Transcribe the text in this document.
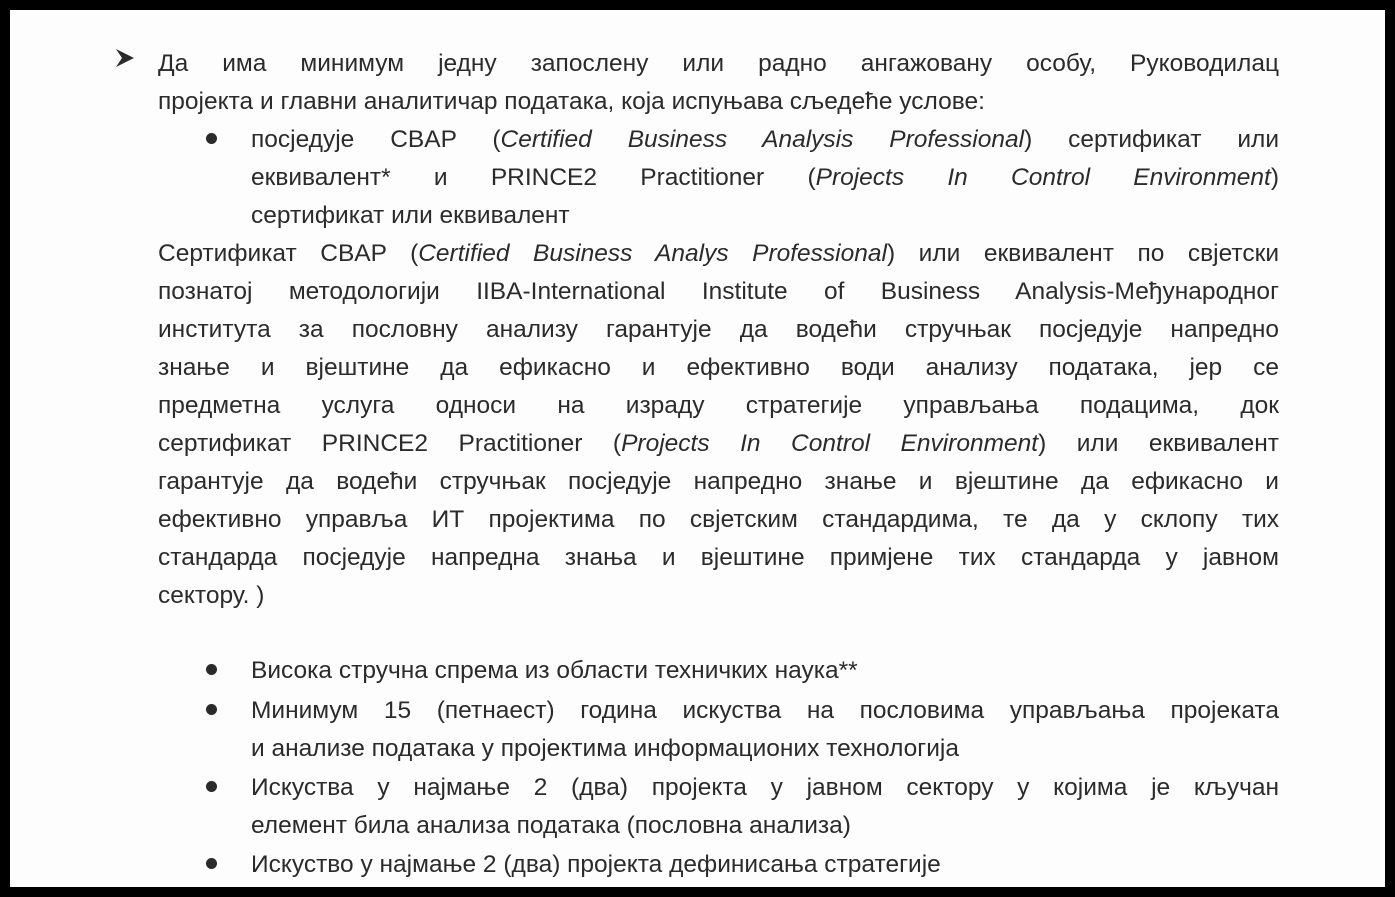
Да има минимум једну запослену или радно ангажовану особу, Руководилац
пројекта и главни аналитичар података, која испуњава сљедеће услове:
посједује CBAP (Certified Business Analysis Professional) сертификат или
еквивалент* и PRINCE2 Practitioner (Projects In Control Environment)
сертификат или еквивалент
Сертификат CBAP (Certified Business Analys Professional) или еквивалент по свјетски
познатој методологији IIBA-International Institute of Business Analysis-Међународног
института за пословну анализу гарантује да водећи стручњак посједује напредно
знање и вјештине да ефикасно и ефективно води анализу података, јер се
предметна услуга односи на израду стратегије управљања подацима, док
сертификат PRINCE2 Practitioner (Projects In Control Environment) или еквивалент
гарантује да водећи стручњак посједује напредно знање и вјештине да ефикасно и
ефективно управља ИТ пројектима по свјетским стандардима, те да у склопу тих
стандарда посједује напредна знања и вјештине примјене тих стандарда у јавном
сектору. )
Висока стручна спрема из области техничких наука**
Минимум 15 (петнаест) година искуства на пословима управљања пројеката
и анализе података у пројектима информационих технологија
Искуства у најмање 2 (два) пројекта у јавном сектору у којима је кључан
елемент била анализа података (пословна анализа)
Искуство у најмање 2 (два) пројекта дефинисања стратегије
